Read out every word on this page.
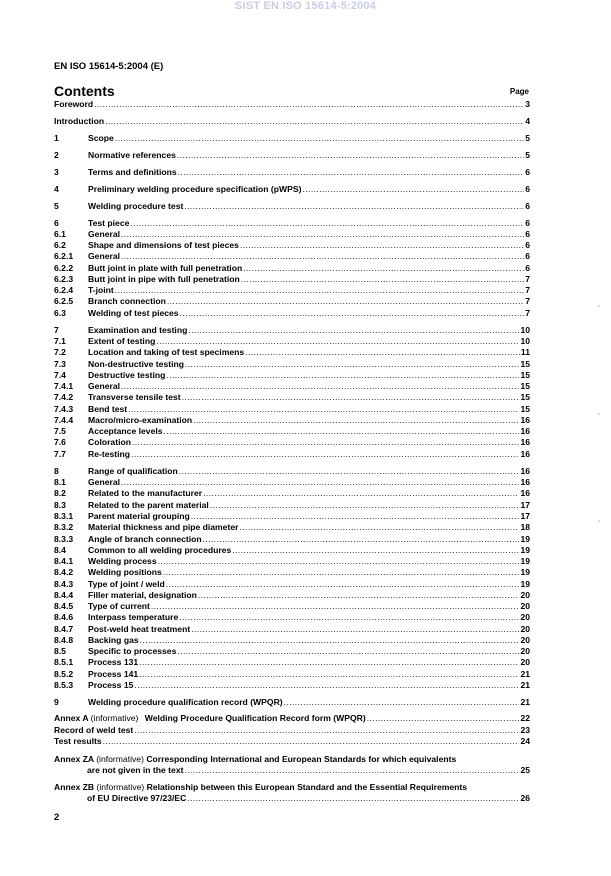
SIST EN ISO 15614-5:2004
EN ISO 15614-5:2004 (E)
Contents	Page
Foreword .....	3
Introduction .....	4
1	Scope .....	5
2	Normative references .....	5
3	Terms and definitions .....	6
4	Preliminary welding procedure specification (pWPS) .....	6
5	Welding procedure test .....	6
6	Test piece .....	6
6.1	General .....	6
6.2	Shape and dimensions of test pieces .....	6
6.2.1	General .....	6
6.2.2	Butt joint in plate with full penetration .....	6
6.2.3	Butt joint in pipe with full penetration .....	7
6.2.4	T-joint .....	7
6.2.5	Branch connection .....	7
6.3	Welding of test pieces .....	7
7	Examination and testing .....	10
7.1	Extent of testing .....	10
7.2	Location and taking of test specimens .....	11
7.3	Non-destructive testing .....	15
7.4	Destructive testing .....	15
7.4.1	General .....	15
7.4.2	Transverse tensile test .....	15
7.4.3	Bend test .....	15
7.4.4	Macro/micro-examination .....	16
7.5	Acceptance levels .....	16
7.6	Coloration .....	16
7.7	Re-testing .....	16
8	Range of qualification .....	16
8.1	General .....	16
8.2	Related to the manufacturer .....	16
8.3	Related to the parent material .....	17
8.3.1	Parent material grouping .....	17
8.3.2	Material thickness and pipe diameter .....	18
8.3.3	Angle of branch connection .....	19
8.4	Common to all welding procedures .....	19
8.4.1	Welding process .....	19
8.4.2	Welding positions .....	19
8.4.3	Type of joint / weld .....	19
8.4.4	Filler material, designation .....	20
8.4.5	Type of current .....	20
8.4.6	Interpass temperature .....	20
8.4.7	Post-weld heat treatment .....	20
8.4.8	Backing gas .....	20
8.5	Specific to processes .....	20
8.5.1	Process 131 .....	20
8.5.2	Process 141 .....	21
8.5.3	Process 15 .....	21
9	Welding procedure qualification record (WPQR) .....	21
Annex A (informative) Welding Procedure Qualification Record form (WPQR) .....	22
Record of weld test .....	23
Test results .....	24
Annex ZA (informative) Corresponding International and European Standards for which equivalents
are not given in the text .....	25
Annex ZB (informative) Relationship between this European Standard and the Essential Requirements
of EU Directive 97/23/EC .....	26
2
